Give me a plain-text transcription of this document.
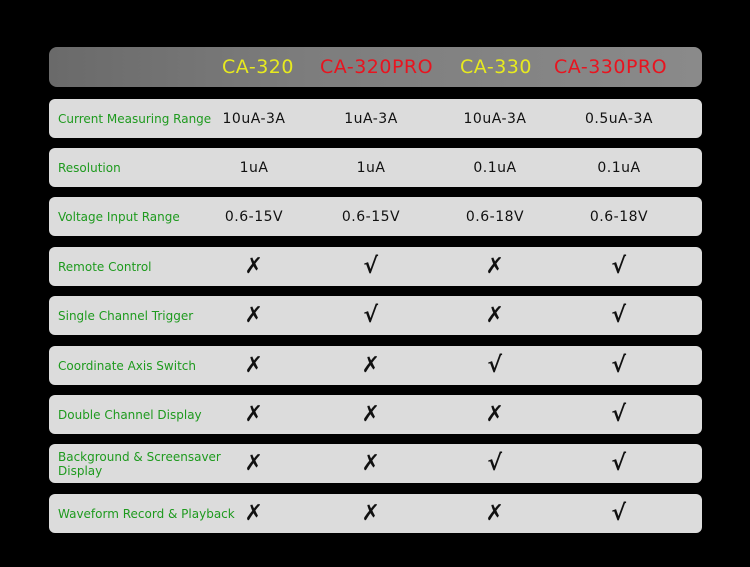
CA-320 CA-320PRO CA-330 CA-330PRO
Current Measuring Range 10uA-3A	1uA-3A	10uA-3A	0.5uA-3A
Resolution	1uA	1uA	0.1uA	0.1uA
Voltage Input Range	0.6-15V	0.6-15V	0.6-18V	0.6-18V
Remote Control	✗	√	✗	√
Single Channel Trigger	✗	√	✗	√
Coordinate Axis Switch	✗	✗	√	√
Double Channel Display	✗	✗	✗	√
Background & Screensaver Display	✗	✗	√	√
Waveform Record & Playback ✗	✗	✗	√
